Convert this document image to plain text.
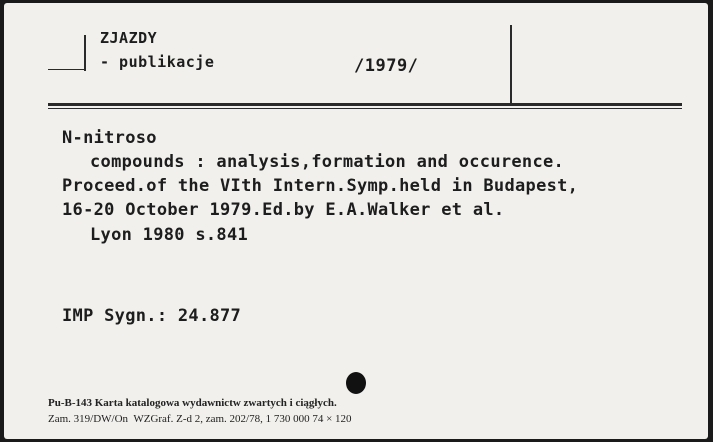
ZJAZDY
- publikacje	/1979/
N-nitroso
compounds : analysis,formation and occurence.
Proceed.of the VIth Intern.Symp.held in Budapest,
16-20 October 1979.Ed.by E.A.Walker et al.
Lyon 1980 s.841
IMP Sygn.: 24.877
Pu-B-143 Karta katalogowa wydawnictw zwartych i ciągłych.
Zam. 319/DW/On  WZGraf. Z-d 2, zam. 202/78, 1 730 000 74 × 120
